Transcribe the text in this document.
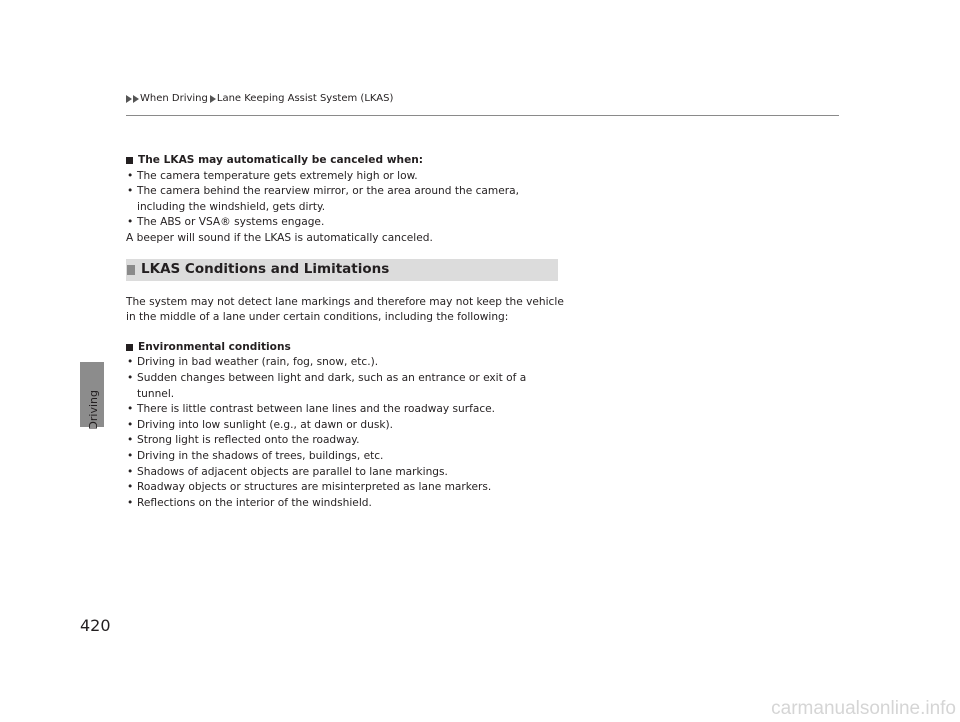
When Driving Lane Keeping Assist System (LKAS)
Driving
The LKAS may automatically be canceled when:
• The camera temperature gets extremely high or low.
• The camera behind the rearview mirror, or the area around the camera, including the windshield, gets dirty.
• The ABS or VSA® systems engage.

A beeper will sound if the LKAS is automatically canceled.

LKAS Conditions and Limitations

The system may not detect lane markings and therefore may not keep the vehicle in the middle of a lane under certain conditions, including the following:

Environmental conditions
• Driving in bad weather (rain, fog, snow, etc.).
• Sudden changes between light and dark, such as an entrance or exit of a tunnel.
• There is little contrast between lane lines and the roadway surface.
• Driving into low sunlight (e.g., at dawn or dusk).
• Strong light is reflected onto the roadway.
• Driving in the shadows of trees, buildings, etc.
• Shadows of adjacent objects are parallel to lane markings.
• Roadway objects or structures are misinterpreted as lane markers.
• Reflections on the interior of the windshield.
420
carmanualsonline.info
